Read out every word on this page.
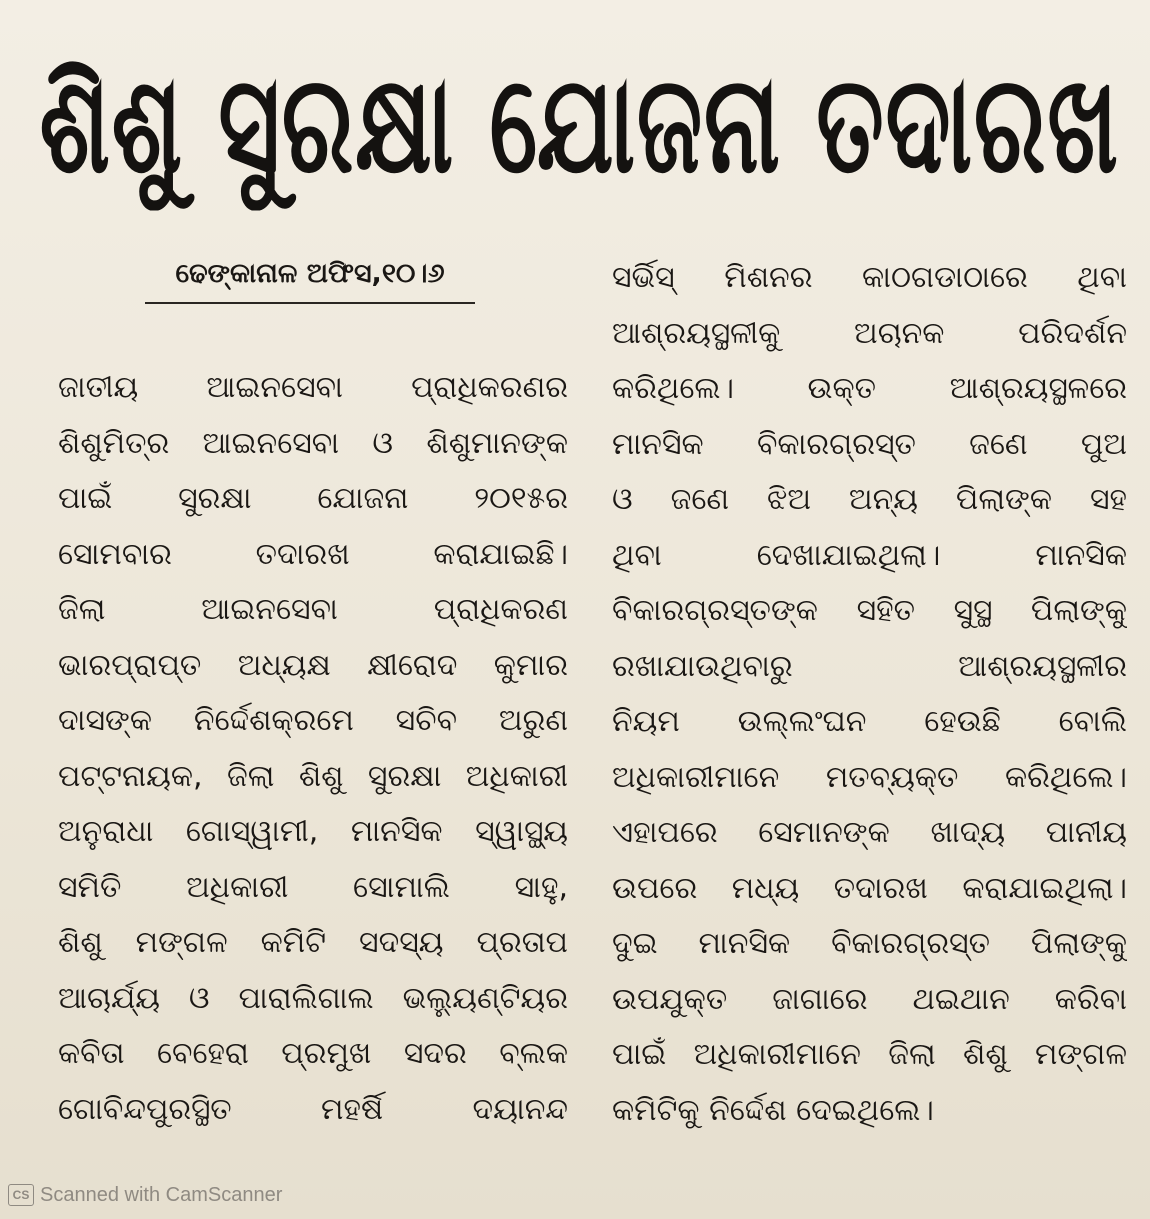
ଶିଶୁ ସୁରକ୍ଷା ଯୋଜନା ତଦାରଖ
ଢେଙ୍କାନାଳ ଅଫିସ,୧୦।୬
ଜାତୀୟ ଆଇନସେବା ପ୍ରାଧିକରଣର
ଶିଶୁମିତ୍ର ଆଇନସେବା ଓ ଶିଶୁମାନଙ୍କ
ପାଇଁ ସୁରକ୍ଷା ଯୋଜନା ୨୦୧୫ର
ସୋମବାର ତଦାରଖ କରାଯାଇଛି।
ଜିଲା ଆଇନସେବା ପ୍ରାଧିକରଣ
ଭାରପ୍ରାପ୍ତ ଅଧ୍ୟକ୍ଷ କ୍ଷୀରୋଦ କୁମାର
ଦାସଙ୍କ ନିର୍ଦ୍ଦେଶକ୍ରମେ ସଚିବ ଅରୁଣ
ପଟ୍ଟନାୟକ, ଜିଲା ଶିଶୁ ସୁରକ୍ଷା ଅଧିକାରୀ
ଅନୁରାଧା ଗୋସ୍ୱାମୀ, ମାନସିକ ସ୍ୱାସ୍ଥ୍ୟ
ସମିତି ଅଧିକାରୀ ସୋମାଲି ସାହୁ,
ଶିଶୁ ମଙ୍ଗଳ କମିଟି ସଦସ୍ୟ ପ୍ରତାପ
ଆଚାର୍ଯ୍ୟ ଓ ପାରାଲିଗାଲ ଭଲ୍ୟୁଣ୍ଟିୟର
କବିତା ବେହେରା ପ୍ରମୁଖ ସଦର ବ୍ଲକ
ଗୋବିନ୍ଦପୁରସ୍ଥିତ ମହର୍ଷି ଦୟାନନ୍ଦ
ସର୍ଭିସ୍ ମିଶନର କାଠଗଡାଠାରେ ଥିବା
ଆଶ୍ରୟସ୍ଥଳୀକୁ ଅଚାନକ ପରିଦର୍ଶନ
କରିଥିଲେ। ଉକ୍ତ ଆଶ୍ରୟସ୍ଥଳରେ
ମାନସିକ ବିକାରଗ୍ରସ୍ତ ଜଣେ ପୁଅ
ଓ ଜଣେ ଝିଅ ଅନ୍ୟ ପିଲାଙ୍କ ସହ
ଥିବା ଦେଖାଯାଇଥିଲା। ମାନସିକ
ବିକାରଗ୍ରସ୍ତଙ୍କ ସହିତ ସୁସ୍ଥ ପିଲାଙ୍କୁ
ରଖାଯାଉଥିବାରୁ ଆଶ୍ରୟସ୍ଥଳୀର
ନିୟମ ଉଲ୍ଲଂଘନ ହେଉଛି ବୋଲି
ଅଧିକାରୀମାନେ ମତବ୍ୟକ୍ତ କରିଥିଲେ।
ଏହାପରେ ସେମାନଙ୍କ ଖାଦ୍ୟ ପାନୀୟ
ଉପରେ ମଧ୍ୟ ତଦାରଖ କରାଯାଇଥିଲା।
ଦୁଇ ମାନସିକ ବିକାରଗ୍ରସ୍ତ ପିଲାଙ୍କୁ
ଉପଯୁକ୍ତ ଜାଗାରେ ଥଇଥାନ କରିବା
ପାଇଁ ଅଧିକାରୀମାନେ ଜିଲା ଶିଶୁ ମଙ୍ଗଳ
କମିଟିକୁ ନିର୍ଦ୍ଦେଶ ଦେଇଥିଲେ।
CS Scanned with CamScanner
